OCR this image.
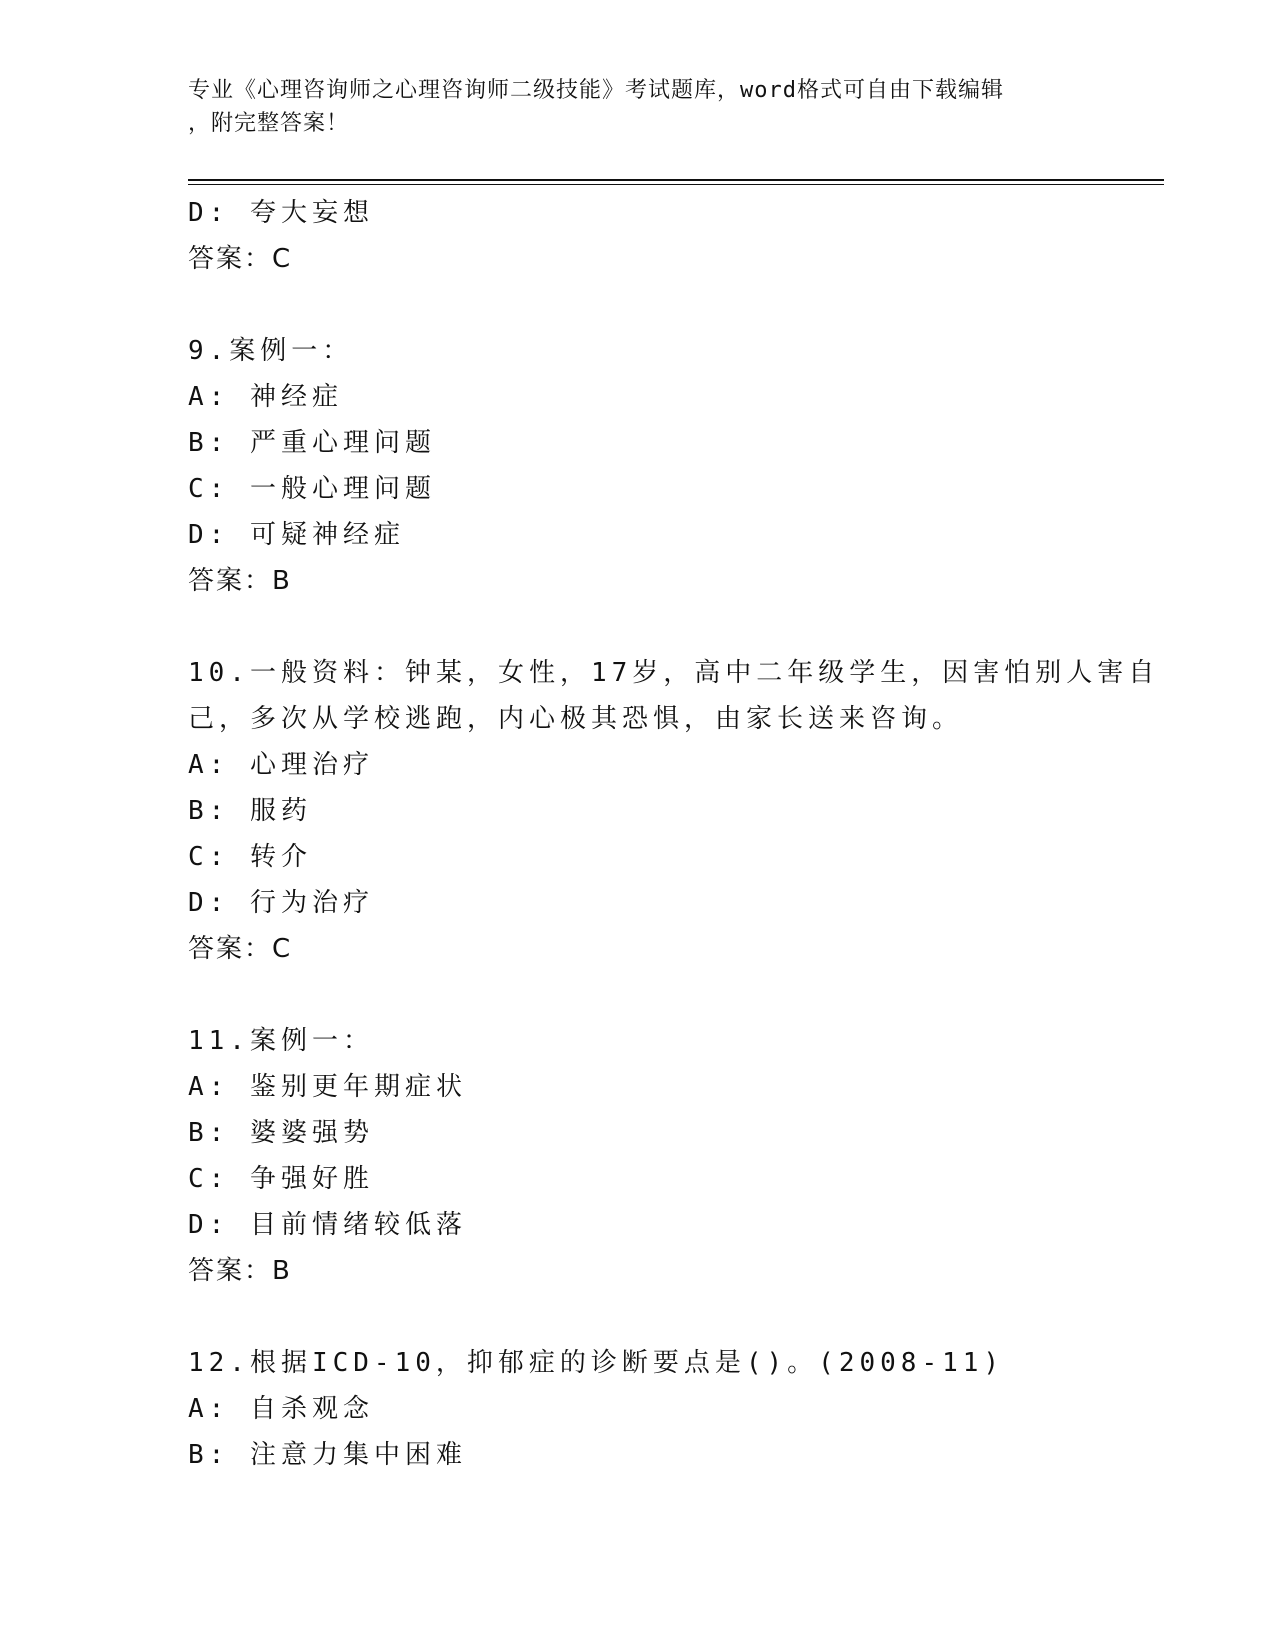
专业《心理咨询师之心理咨询师二级技能》考试题库，word格式可自由下载编辑
，附完整答案！
D: 夸大妄想
答案：C
9.案例一：
A: 神经症
B: 严重心理问题
C: 一般心理问题
D: 可疑神经症
答案：B
10.一般资料：钟某，女性，17岁，高中二年级学生，因害怕别人害自
己，多次从学校逃跑，内心极其恐惧，由家长送来咨询。
A: 心理治疗
B: 服药
C: 转介
D: 行为治疗
答案：C
11.案例一：
A: 鉴别更年期症状
B: 婆婆强势
C: 争强好胜
D: 目前情绪较低落
答案：B
12.根据ICD-10，抑郁症的诊断要点是()。(2008-11)
A: 自杀观念
B: 注意力集中困难
